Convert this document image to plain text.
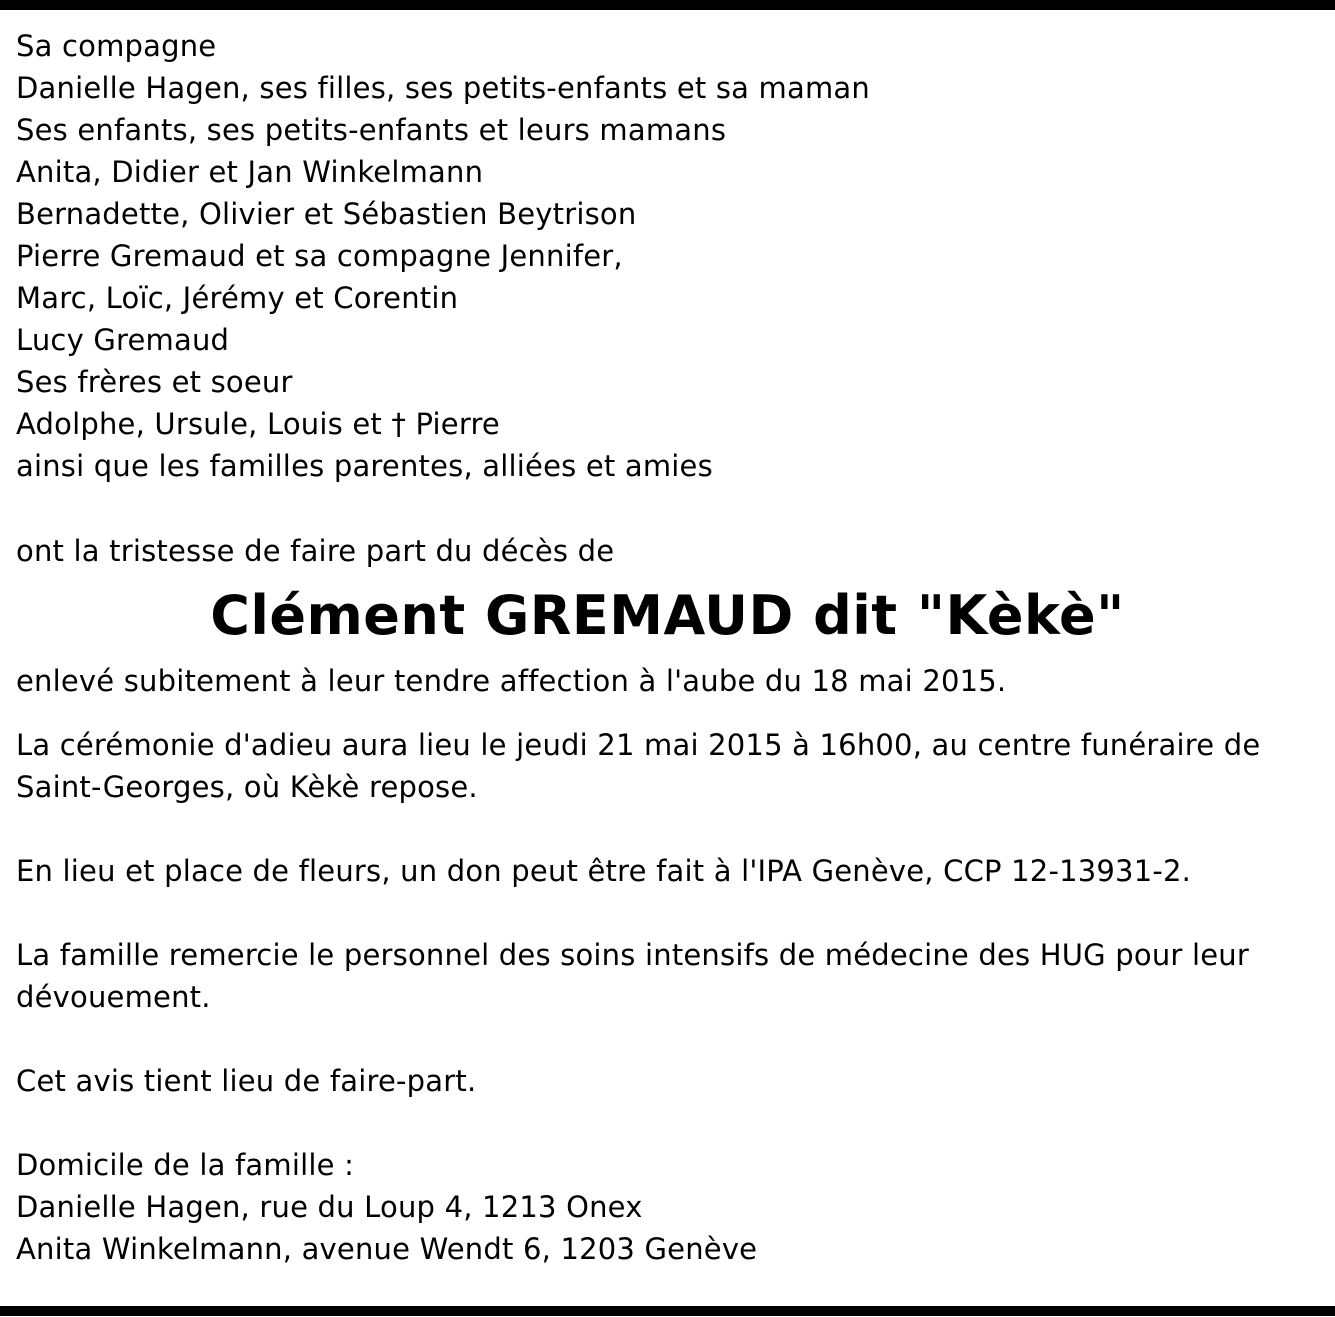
Sa compagne
Danielle Hagen, ses filles, ses petits-enfants et sa maman
Ses enfants, ses petits-enfants et leurs mamans
Anita, Didier et Jan Winkelmann
Bernadette, Olivier et Sébastien Beytrison
Pierre Gremaud et sa compagne Jennifer,
Marc, Loïc, Jérémy et Corentin
Lucy Gremaud
Ses frères et soeur
Adolphe, Ursule, Louis et † Pierre
ainsi que les familles parentes, alliées et amies
ont la tristesse de faire part du décès de
Clément GREMAUD dit "Kèkè"
enlevé subitement à leur tendre affection à l'aube du 18 mai 2015.
La cérémonie d'adieu aura lieu le jeudi 21 mai 2015 à 16h00, au centre funéraire de Saint-Georges, où Kèkè repose.
En lieu et place de fleurs, un don peut être fait à l'IPA Genève, CCP 12-13931-2.
La famille remercie le personnel des soins intensifs de médecine des HUG pour leur dévouement.
Cet avis tient lieu de faire-part.
Domicile de la famille :
Danielle Hagen, rue du Loup 4, 1213 Onex
Anita Winkelmann, avenue Wendt 6, 1203 Genève
